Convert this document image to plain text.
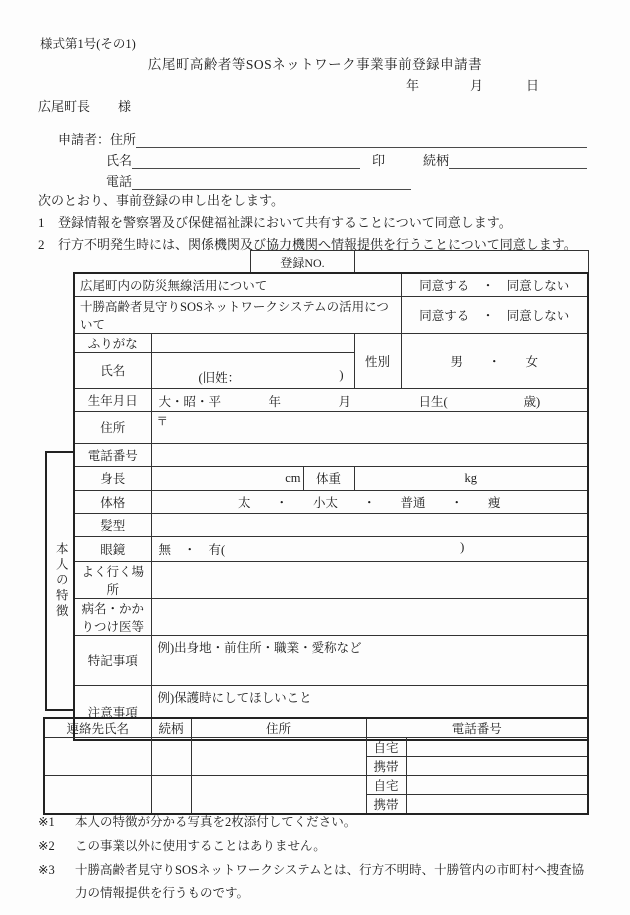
様式第1号(その1)
広尾町高齢者等SOSネットワーク事業事前登録申請書
年	月	日
広尾町長 様
申請者：住所
氏名	印	続柄
電話
次のとおり、事前登録の申し出をします。
1 登録情報を警察署及び保健福祉課において共有することについて同意します。
2 行方不明発生時には、関係機関及び協力機関へ情報提供を行うことについて同意します。
登録NO.
広尾町内の防災無線活用について				同意する　・　同意しない
十勝高齢者見守りSOSネットワークシステムの活用について				同意する　・　同意しない
ふりがな			性別	男　　・　　女
氏名	(旧姓： )			

生年月日	大・昭・平 年 月 日生( 歳)			

住所	〒			

電話番号				
身長	cm	体重	kg	
体格	太　　・　　小太　　・　　普通　　・　　痩			
髪型				
眼鏡	無　・　有( )			

よく行く場所				
病名・かかりつけ医等				
特記事項	例)出身地・前住所・職業・愛称など			

注意事項	例)保護時にしてほしいこと			
本人の特徴
連絡先氏名	続柄	住所	電話番号	
			自宅	
			携帯	
			自宅	
			携帯	
※1	本人の特徴が分かる写真を2枚添付してください。
※2	この事業以外に使用することはありません。
※3	十勝高齢者見守りSOSネットワークシステムとは、行方不明時、十勝管内の市町村へ捜査協力の情報提供を行うものです。
